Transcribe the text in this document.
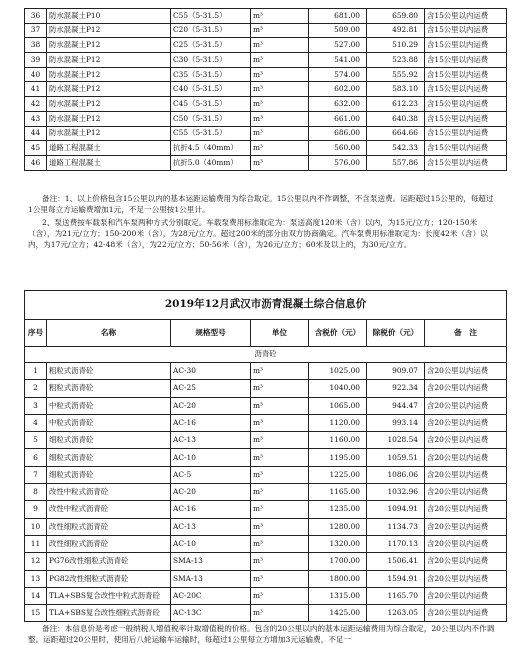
36	防水混凝土P10	C55（5-31.5）	m³	681.00	659.80	含15公里以内运费
37	防水混凝土P12	C20（5-31.5）	m³	509.00	492.81	含15公里以内运费
38	防水混凝土P12	C25（5-31.5）	m³	527.00	510.29	含15公里以内运费
39	防水混凝土P12	C30（5-31.5）	m³	541.00	523.88	含15公里以内运费
40	防水混凝土P12	C35（5-31.5）	m³	574.00	555.92	含15公里以内运费
41	防水混凝土P12	C40（5-31.5）	m³	602.00	583.10	含15公里以内运费
42	防水混凝土P12	C45（5-31.5）	m³	632.00	612.23	含15公里以内运费
43	防水混凝土P12	C50（5-31.5）	m³	661.00	640.38	含15公里以内运费
44	防水混凝土P12	C55（5-31.5）	m³	686.00	664.66	含15公里以内运费
45	道路工程混凝土	抗折4.5（40mm）	m³	560.00	542.33	含15公里以内运费
46	道路工程混凝土	抗折5.0（40mm）	m³	576.00	557.86	含15公里以内运费

备注：1、以上价格包含15公里以内的基本运距运输费用为综合取定。15公里以内不作调整，不含泵送费。运距超过15公里的，每超过1公里每立方运输费增加1元，不足一公里按1公里计。

2、泵送费按车载泵和汽车泵两种方式分别取定。车载泵费用标准取定为：泵送高度120米（含）以内，为15元/立方；120-150米（含），为21元/立方；150-200米（含），为28元/立方。超过200米的部分由双方协商确定。汽车泵费用标准取定为：长度42米（含）以内，为17元/立方；42-48米（含），为22元/立方；50-56米（含），为26元/立方；60米及以上的，为30元/立方。

2019年12月武汉市沥青混凝土综合信息价						
序号	名称	规格型号	单位	含税价（元）	除税价（元）	备　注
沥青砼						
1	粗粒式沥青砼	AC-30	m³	1025.00	909.07	含20公里以内运费
2	粗粒式沥青砼	AC-25	m³	1040.00	922.34	含20公里以内运费
3	中粒式沥青砼	AC-20	m³	1065.00	944.47	含20公里以内运费
4	中粒式沥青砼	AC-16	m³	1120.00	993.14	含20公里以内运费
5	细粒式沥青砼	AC-13	m³	1160.00	1028.54	含20公里以内运费
6	细粒式沥青砼	AC-10	m³	1195.00	1059.51	含20公里以内运费
7	细粒式沥青砼	AC-5	m³	1225.00	1086.06	含20公里以内运费
8	改性中粒式沥青砼	AC-20	m³	1165.00	1032.96	含20公里以内运费
9	改性中粒式沥青砼	AC-16	m³	1235.00	1094.91	含20公里以内运费
10	改性细粒式沥青砼	AC-13	m³	1280.00	1134.73	含20公里以内运费
11	改性细粒式沥青砼	AC-10	m³	1320.00	1170.13	含20公里以内运费
12	PG76改性细粒式沥青砼	SMA-13	m³	1700.00	1506.41	含20公里以内运费
13	PG82改性细粒式沥青砼	SMA-13	m³	1800.00	1594.91	含20公里以内运费
14	TLA+SBS复合改性中粒式沥青砼	AC-20C	m³	1315.00	1165.70	含20公里以内运费
15	TLA+SBS复合改性细粒式沥青砼	AC-13C	m³	1425.00	1263.05	含20公里以内运费

备注：本信息价是考虑一般纳税人增值税率计取增值税的价格。包含的20公里以内的基本运距运输费用为综合取定，20公里以内不作调整。运距超过20公里时，使用后八轮运输车运输时，每超过1公里每立方增加3元运输费，不足一
